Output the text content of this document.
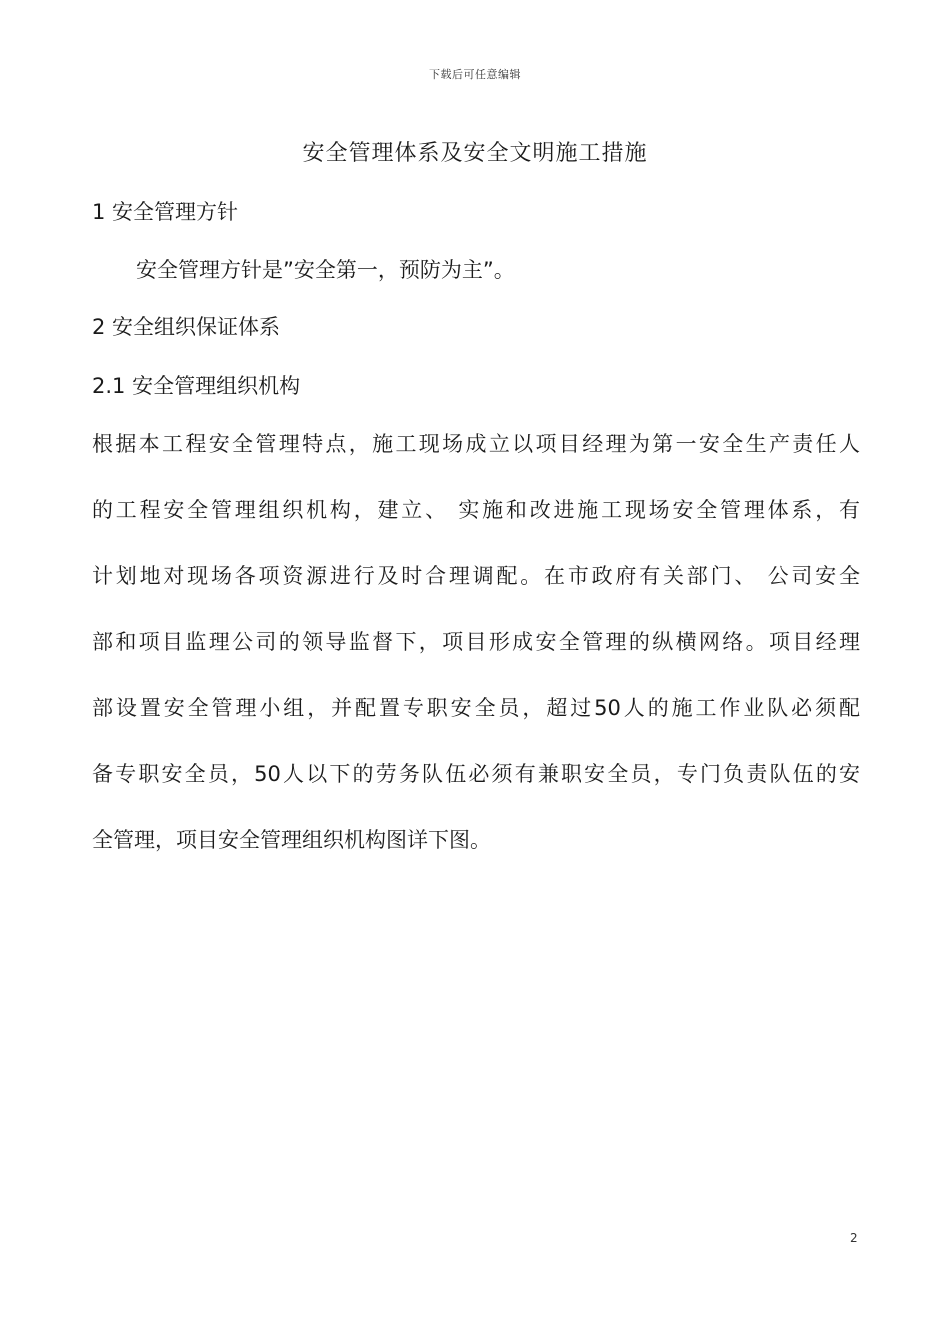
下载后可任意编辑
安全管理体系及安全文明施工措施
1 安全管理方针
安全管理方针是”安全第一，预防为主”。
2 安全组织保证体系
2.1 安全管理组织机构
根据本工程安全管理特点，施工现场成立以项目经理为第一安全生产责任人
的工程安全管理组织机构，建立、 实施和改进施工现场安全管理体系，有
计划地对现场各项资源进行及时合理调配。在市政府有关部门、 公司安全
部和项目监理公司的领导监督下，项目形成安全管理的纵横网络。项目经理
部设置安全管理小组，并配置专职安全员，超过50人的施工作业队必须配
备专职安全员，50人以下的劳务队伍必须有兼职安全员，专门负责队伍的安
全管理，项目安全管理组织机构图详下图。
2
